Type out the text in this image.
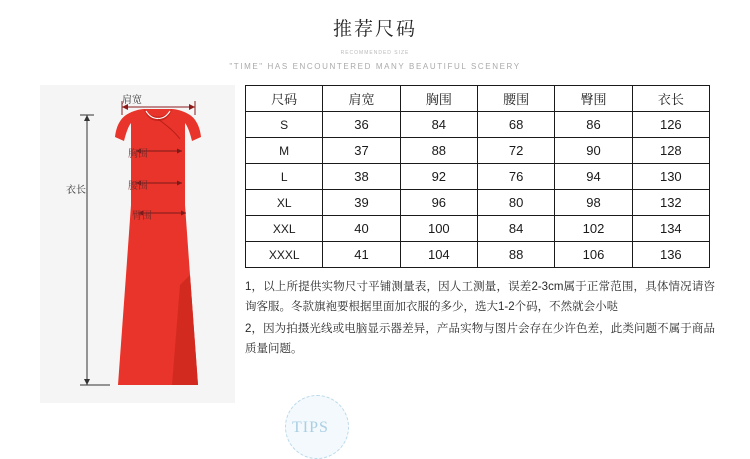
推荐尺码
RECOMMENDED SIZE
"TIME" HAS ENCOUNTERED MANY BEAUTIFUL SCENERY
肩宽
胸围
腰围
臀围
衣长
尺码	肩宽	胸围	腰围	臀围	衣长
S	36	84	68	86	126
M	37	88	72	90	128
L	38	92	76	94	130
XL	39	96	80	98	132
XXL	40	100	84	102	134
XXXL	41	104	88	106	136
TIPS
1，以上所提供实物尺寸平铺测量表，因人工测量，误差2-3cm属于正常范围，具体情况请咨询客服。冬款旗袍要根据里面加衣服的多少，选大1-2个码，不然就会小哒
2，因为拍摄光线或电脑显示器差异，产品实物与图片会存在少许色差，此类问题不属于商品质量问题。
